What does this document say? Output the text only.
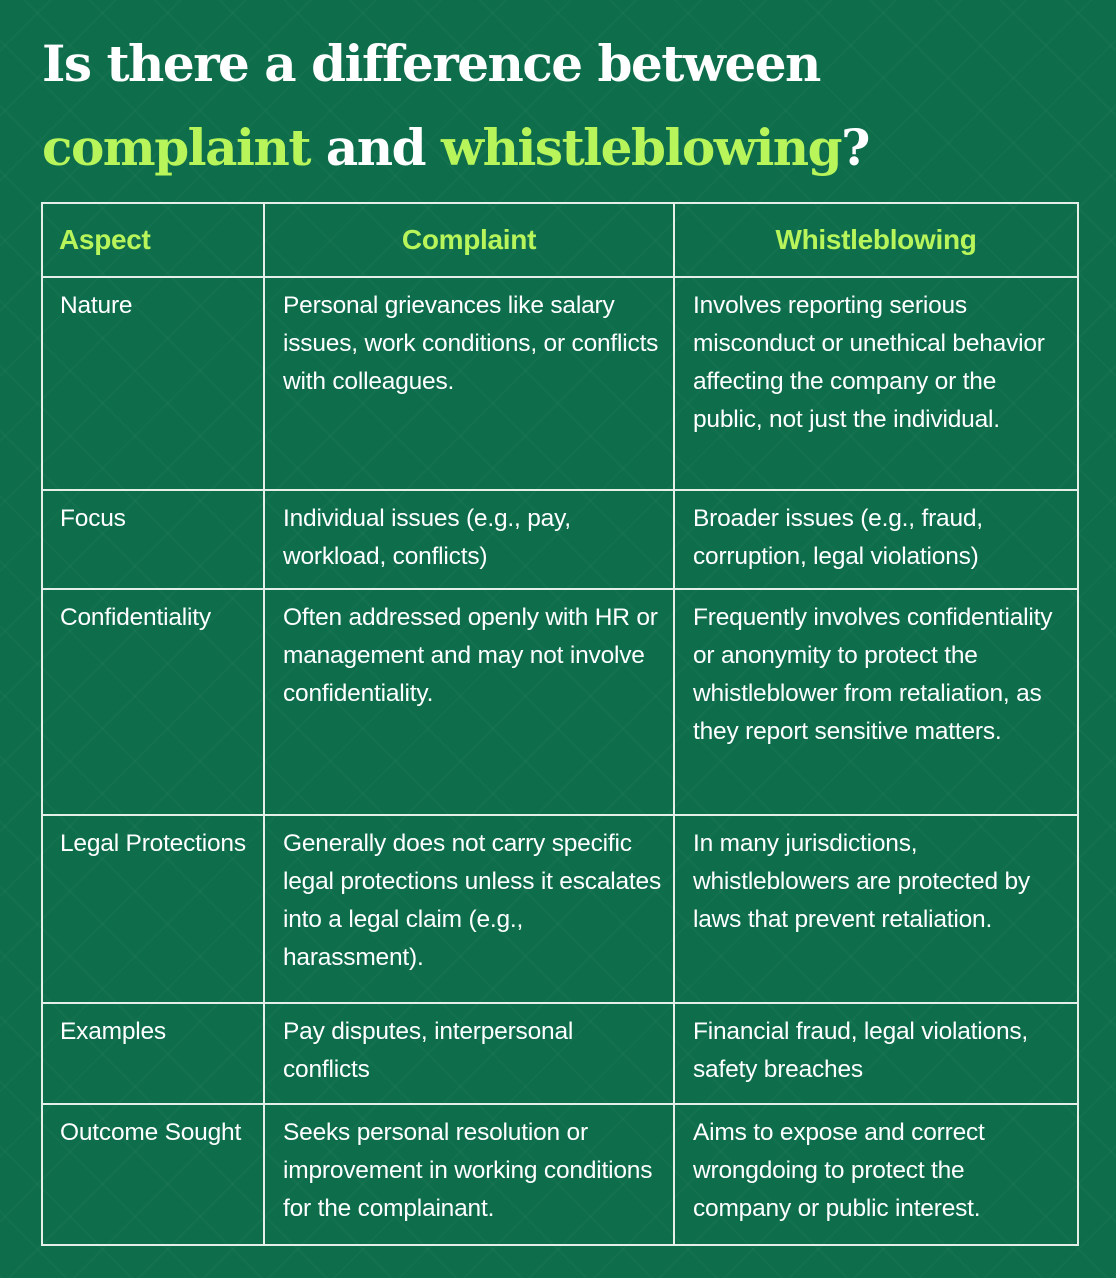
Is there a difference between
complaint and whistleblowing?
Aspect	Complaint	Whistleblowing
Nature	Personal grievances like salary issues, work conditions, or conflicts with colleagues.	Involves reporting serious misconduct or unethical behavior affecting the company or the public, not just the individual.
Focus	Individual issues (e.g., pay, workload, conflicts)	Broader issues (e.g., fraud, corruption, legal violations)
Confidentiality	Often addressed openly with HR or management and may not involve confidentiality.	Frequently involves confidentiality or anonymity to protect the whistleblower from retaliation, as they report sensitive matters.
Legal Protections	Generally does not carry specific legal protections unless it escalates into a legal claim (e.g., harassment).	In many jurisdictions, whistleblowers are protected by laws that prevent retaliation.
Examples	Pay disputes, interpersonal conflicts	Financial fraud, legal violations, safety breaches
Outcome Sought	Seeks personal resolution or improvement in working conditions for the complainant.	Aims to expose and correct wrongdoing to protect the company or public interest.
